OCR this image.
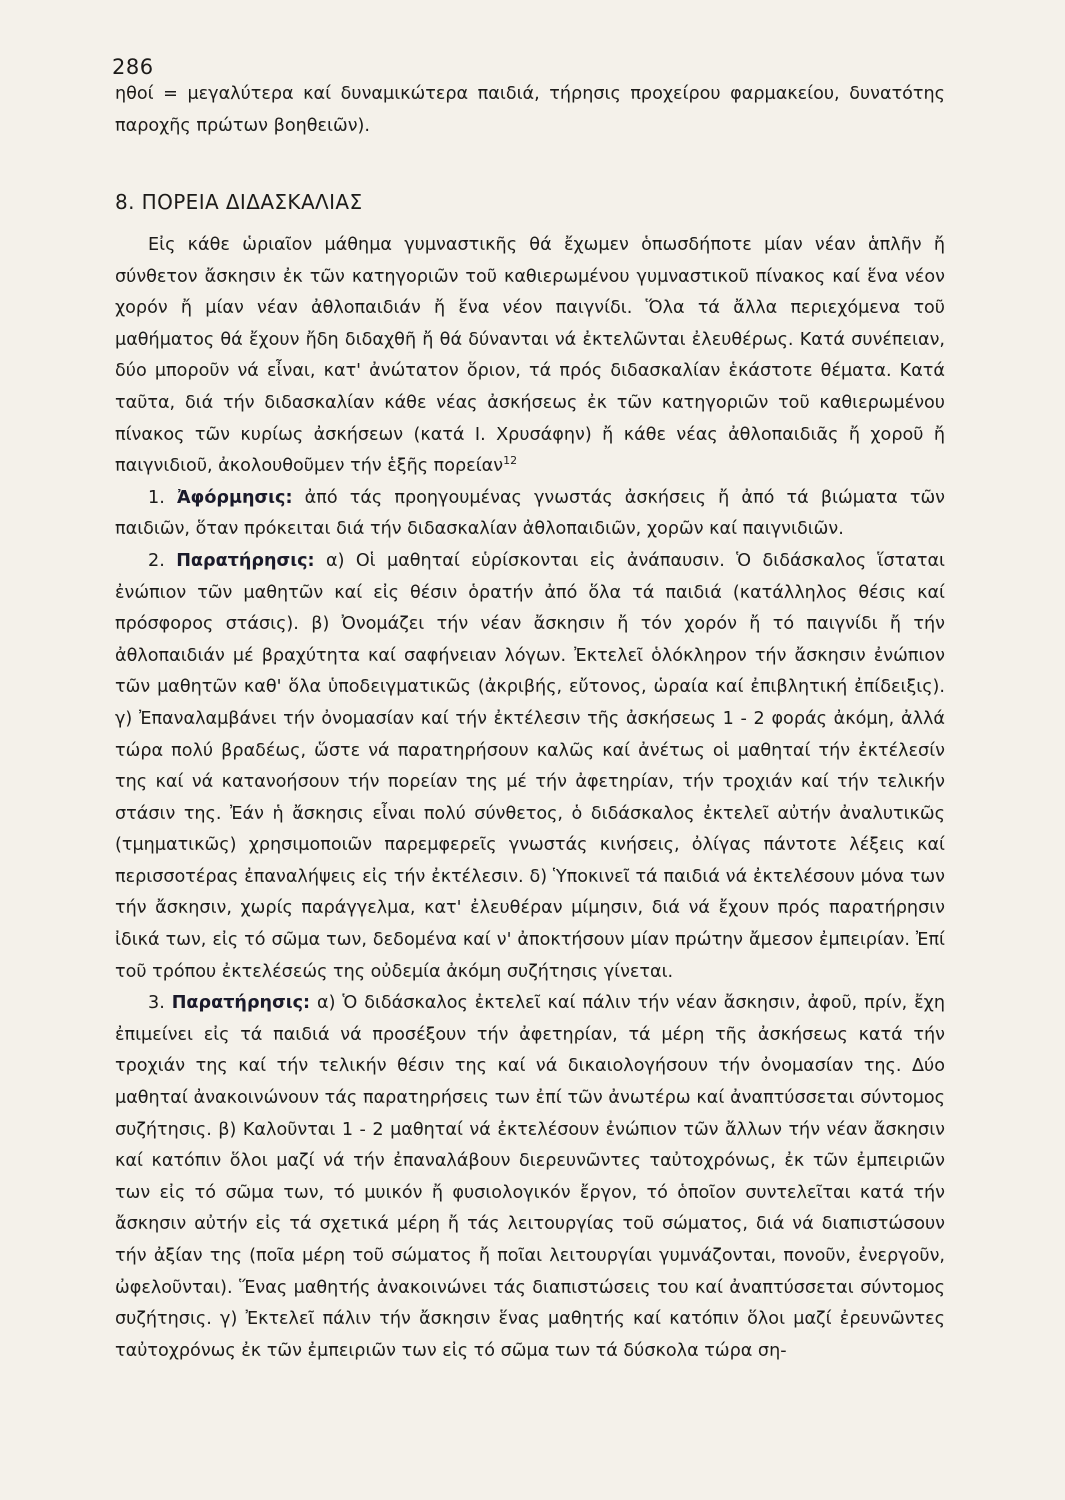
286

ηθοί = μεγαλύτερα καί δυναμικώτερα παιδιά, τήρησις προχείρου φαρμακείου, δυνατότης παροχῆς πρώτων βοηθειῶν).

8. ΠΟΡΕΙΑ ΔΙΔΑΣΚΑΛΙΑΣ

Εἰς κάθε ὡριαῖον μάθημα γυμναστικῆς θά ἔχωμεν ὁπωσδήποτε μίαν νέαν ἁπλῆν ἤ σύνθετον ἄσκησιν ἐκ τῶν κατηγοριῶν τοῦ καθιερωμένου γυμναστικοῦ πίνακος καί ἕνα νέον χορόν ἤ μίαν νέαν ἀθλοπαιδιάν ἤ ἕνα νέον παιγνίδι. Ὅλα τά ἄλλα περιεχόμενα τοῦ μαθήματος θά ἔχουν ἤδη διδαχθῆ ἤ θά δύνανται νά ἐκτελῶνται ἐλευθέρως. Κατά συνέπειαν, δύο μποροῦν νά εἶναι, κατ' ἀνώτατον ὅριον, τά πρός διδασκαλίαν ἑκάστοτε θέματα. Κατά ταῦτα, διά τήν διδασκαλίαν κάθε νέας ἀσκήσεως ἐκ τῶν κατηγοριῶν τοῦ καθιερωμένου πίνακος τῶν κυρίως ἀσκήσεων (κατά Ι. Χρυσάφην) ἤ κάθε νέας ἀθλοπαιδιᾶς ἤ χοροῦ ἤ παιγνιδιοῦ, ἀκολουθοῦμεν τήν ἑξῆς πορείαν$^{12}$

1. Ἀφόρμησις: ἀπό τάς προηγουμένας γνωστάς ἀσκήσεις ἤ ἀπό τά βιώματα τῶν παιδιῶν, ὅταν πρόκειται διά τήν διδασκαλίαν ἀθλοπαιδιῶν, χορῶν καί παιγνιδιῶν.

2. Παρατήρησις: α) Οἱ μαθηταί εὑρίσκονται εἰς ἀνάπαυσιν. Ὁ διδάσκαλος ἵσταται ἐνώπιον τῶν μαθητῶν καί εἰς θέσιν ὁρατήν ἀπό ὅλα τά παιδιά (κατάλληλος θέσις καί πρόσφορος στάσις). β) Ὀνομάζει τήν νέαν ἄσκησιν ἤ τόν χορόν ἤ τό παιγνίδι ἤ τήν ἀθλοπαιδιάν μέ βραχύτητα καί σαφήνειαν λόγων. Ἐκτελεῖ ὁλόκληρον τήν ἄσκησιν ἐνώπιον τῶν μαθητῶν καθ' ὅλα ὑποδειγματικῶς (ἀκριβής, εὔτονος, ὡραία καί ἐπιβλητική ἐπίδειξις). γ) Ἐπαναλαμβάνει τήν ὀνομασίαν καί τήν ἐκτέλεσιν τῆς ἀσκήσεως 1 - 2 φοράς ἀκόμη, ἀλλά τώρα πολύ βραδέως, ὥστε νά παρατηρήσουν καλῶς καί ἀνέτως οἱ μαθηταί τήν ἐκτέλεσίν της καί νά κατανοήσουν τήν πορείαν της μέ τήν ἀφετηρίαν, τήν τροχιάν καί τήν τελικήν στάσιν της. Ἐάν ἡ ἄσκησις εἶναι πολύ σύνθετος, ὁ διδάσκαλος ἐκτελεῖ αὐτήν ἀναλυτικῶς (τμηματικῶς) χρησιμοποιῶν παρεμφερεῖς γνωστάς κινήσεις, ὀλίγας πάντοτε λέξεις καί περισσοτέρας ἐπαναλήψεις εἰς τήν ἐκτέλεσιν. δ) Ὑποκινεῖ τά παιδιά νά ἐκτελέσουν μόνα των τήν ἄσκησιν, χωρίς παράγγελμα, κατ' ἐλευθέραν μίμησιν, διά νά ἔχουν πρός παρατήρησιν ἰδικά των, εἰς τό σῶμα των, δεδομένα καί ν' ἀποκτήσουν μίαν πρώτην ἄμεσον ἐμπειρίαν. Ἐπί τοῦ τρόπου ἐκτελέσεώς της οὐδεμία ἀκόμη συζήτησις γίνεται.

3. Παρατήρησις: α) Ὁ διδάσκαλος ἐκτελεῖ καί πάλιν τήν νέαν ἄσκησιν, ἀφοῦ, πρίν, ἔχη ἐπιμείνει εἰς τά παιδιά νά προσέξουν τήν ἀφετηρίαν, τά μέρη τῆς ἀσκήσεως κατά τήν τροχιάν της καί τήν τελικήν θέσιν της καί νά δικαιολογήσουν τήν ὀνομασίαν της. Δύο μαθηταί ἀνακοινώνουν τάς παρατηρήσεις των ἐπί τῶν ἀνωτέρω καί ἀναπτύσσεται σύντομος συζήτησις. β) Καλοῦνται 1 - 2 μαθηταί νά ἐκτελέσουν ἐνώπιον τῶν ἄλλων τήν νέαν ἄσκησιν καί κατόπιν ὅλοι μαζί νά τήν ἐπαναλάβουν διερευνῶντες ταὐτοχρόνως, ἐκ τῶν ἐμπειριῶν των εἰς τό σῶμα των, τό μυικόν ἤ φυσιολογικόν ἔργον, τό ὁποῖον συντελεῖται κατά τήν ἄσκησιν αὐτήν εἰς τά σχετικά μέρη ἤ τάς λειτουργίας τοῦ σώματος, διά νά διαπιστώσουν τήν ἀξίαν της (ποῖα μέρη τοῦ σώματος ἤ ποῖαι λειτουργίαι γυμνάζονται, πονοῦν, ἐνεργοῦν, ὠφελοῦνται). Ἕνας μαθητής ἀνακοινώνει τάς διαπιστώσεις του καί ἀναπτύσσεται σύντομος συζήτησις. γ) Ἐκτελεῖ πάλιν τήν ἄσκησιν ἕνας μαθητής καί κατόπιν ὅλοι μαζί ἐρευνῶντες ταὐτοχρόνως ἐκ τῶν ἐμπειριῶν των εἰς τό σῶμα των τά δύσκολα τώρα ση-
